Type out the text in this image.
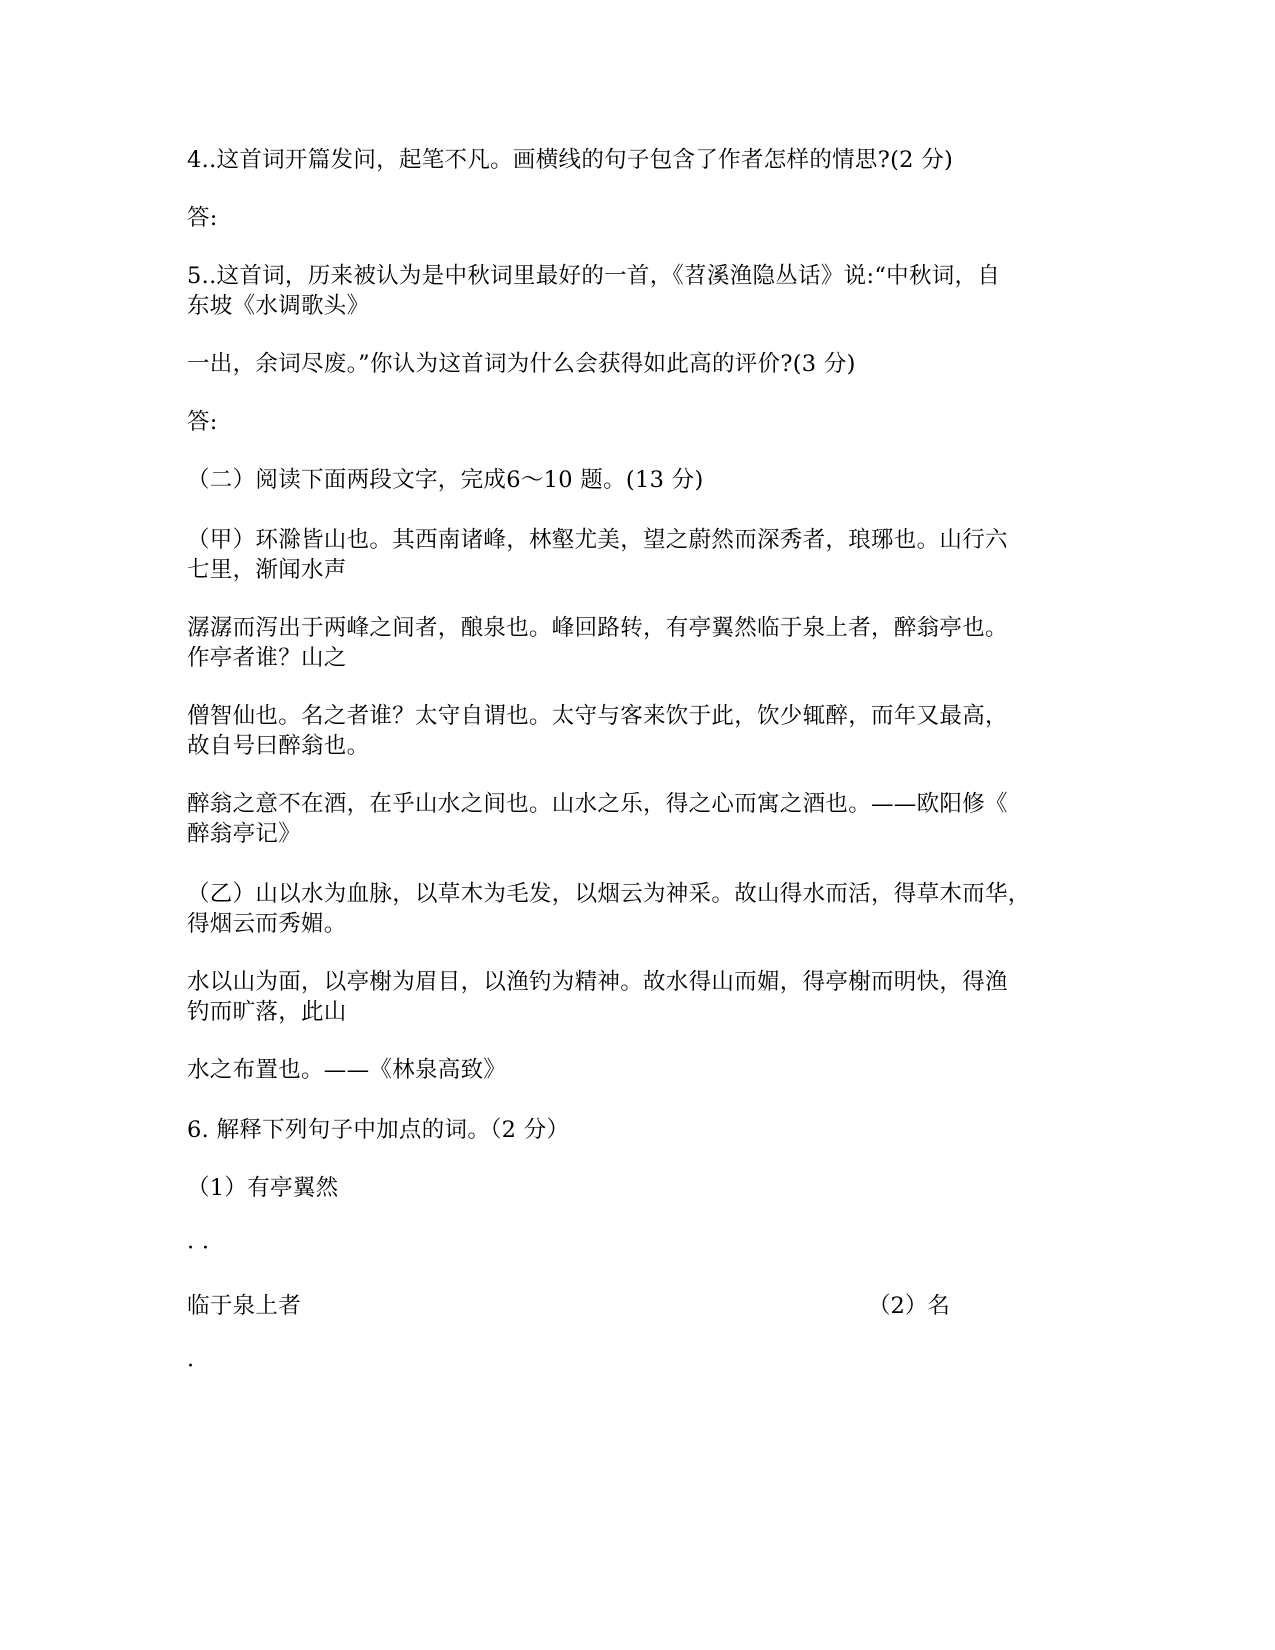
4..这首词开篇发问，起笔不凡。画横线的句子包含了作者怎样的情思?(2 分)
答:
5..这首词，历来被认为是中秋词里最好的一首，《苕溪渔隐丛话》说:“中秋词，自
东坡《水调歌头》
一出，余词尽废。”你认为这首词为什么会获得如此高的评价?(3 分)
答:
（二）阅读下面两段文字，完成6～10 题。(13 分)
（甲）环滁皆山也。其西南诸峰，林壑尤美，望之蔚然而深秀者，琅琊也。山行六
七里，渐闻水声
潺潺而泻出于两峰之间者，酿泉也。峰回路转，有亭翼然临于泉上者，醉翁亭也。
作亭者谁？山之
僧智仙也。名之者谁？太守自谓也。太守与客来饮于此，饮少辄醉，而年又最高，
故自号曰醉翁也。
醉翁之意不在酒，在乎山水之间也。山水之乐，得之心而寓之酒也。——欧阳修《
醉翁亭记》
（乙）山以水为血脉，以草木为毛发，以烟云为神采。故山得水而活，得草木而华，
得烟云而秀媚。
水以山为面，以亭榭为眉目，以渔钓为精神。故水得山而媚，得亭榭而明快，得渔
钓而旷落，此山
水之布置也。——《林泉高致》
6. 解释下列句子中加点的词。（2 分）
（1）有亭翼然
· ·
临于泉上者	（2）名
·
